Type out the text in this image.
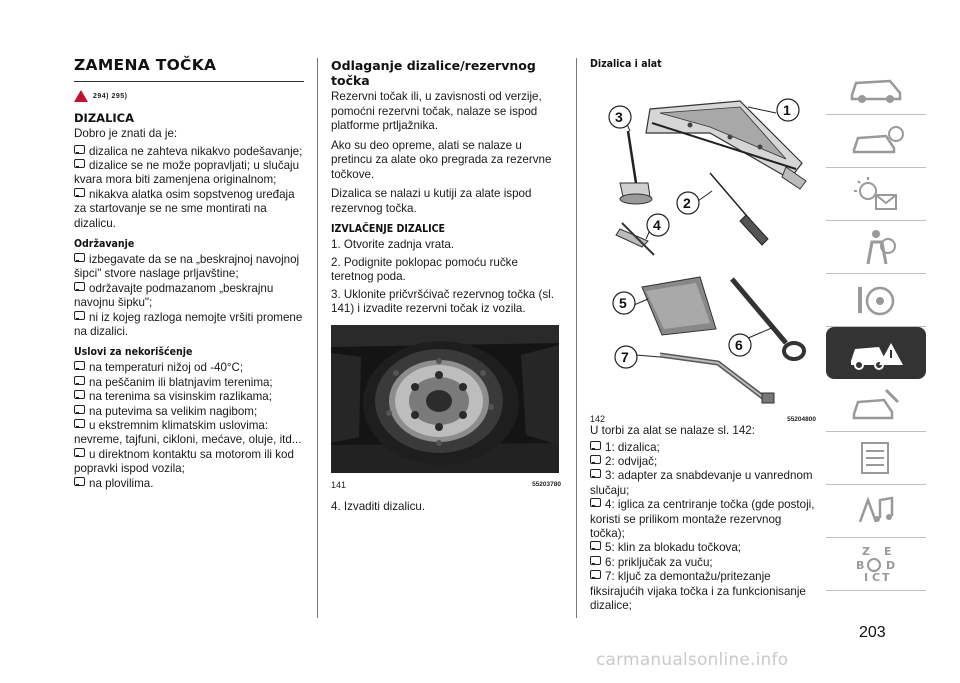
ZAMENA TOČKA
294) 295)
DIZALICA

Dobro je znati da je:

dizalica ne zahteva nikakvo podešavanje;
dizalice se ne može popravljati; u slučaju kvara mora biti zamenjena originalnom;
nikakva alatka osim sopstvenog uređaja za startovanje se ne sme montirati na dizalicu.
Održavanje
izbegavate da se na „beskrajnoj navojnoj šipci" stvore naslage prljavštine;
održavajte podmazanom „beskrajnu navojnu šipku";
ni iz kojeg razloga nemojte vršiti promene na dizalici.
Uslovi za nekorišćenje
na temperaturi nižoj od -40°C;
na peščanim ili blatnjavim terenima;
na terenima sa visinskim razlikama;
na putevima sa velikim nagibom;
u ekstremnim klimatskim uslovima: nevreme, tajfuni, cikloni, mećave, oluje, itd...
u direktnom kontaktu sa motorom ili kod popravki ispod vozila;
na plovilima.
Odlaganje dizalice/rezervnog točka

Rezervni točak ili, u zavisnosti od verzije, pomoćni rezervni točak, nalaze se ispod platforme prtljažnika.

Ako su deo opreme, alati se nalaze u pretincu za alate oko pregrada za rezervne točkove.

Dizalica se nalazi u kutiji za alate ispod rezervnog točka.

IZVLAČENJE DIZALICE

1. Otvorite zadnja vrata.

2. Podignite poklopac pomoću ručke teretnog poda.

3. Uklonite pričvršćivač rezervnog točka (sl. 141) i izvadite rezervni točak iz vozila.

141	55203780

4. Izvaditi dizalicu.

Dizalica i alat
3	1
2
4
5
6
7
142	55204800

U torbi za alat se nalaze sl. 142:

1: dizalica;
2: odvijač;
3: adapter za snabdevanje u vanrednom slučaju;
4: iglica za centriranje točka (gde postoji, koristi se prilikom montaže rezervnog točka);
5: klin za blokadu točkova;
6: priključak za vuču;
7: ključ za demontažu/pritezanje fiksirajućih vijaka točka i za funkcionisanje dizalice;
Z E
B D
I C T
203
carmanualsonline.info
